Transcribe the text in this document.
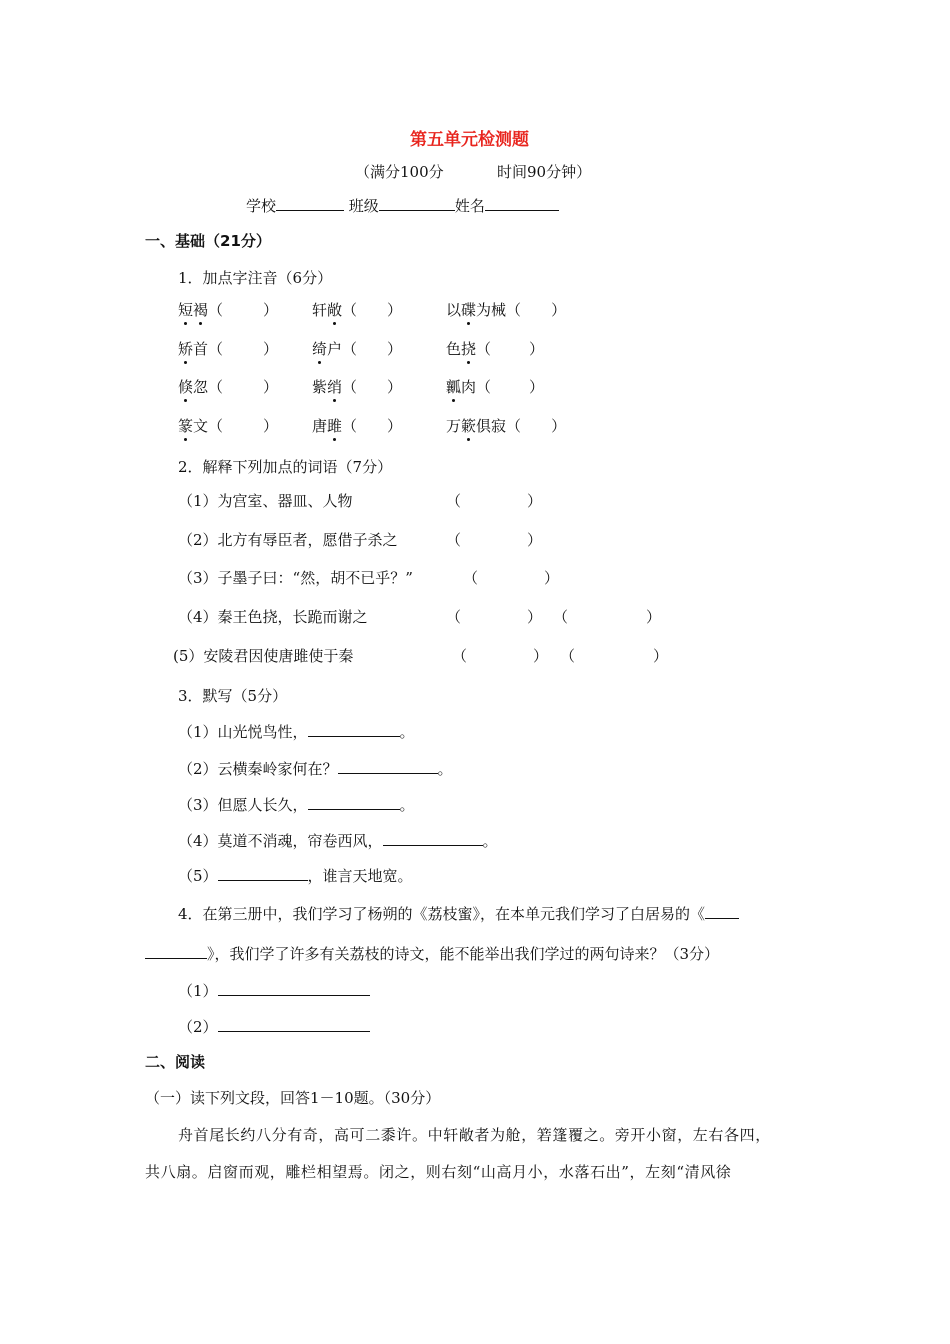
第五单元检测题
（满分100分	时间90分钟）
学校	班级	姓名
一、基础（21分）
1．加点字注音（6分）
短褐（	） 轩敞（ ）	以碟为械（ ）
矫首（	） 绮户（ ）	色挠（	）
倏忽（	） 紫绡（ ）	瓤肉（	）
篆文（	） 唐雎（ ）	万簌俱寂（ ）
2．解释下列加点的词语（7分）
（1）为宫室、器皿、人物	（	）
（2）北方有辱臣者，愿借子杀之	（	）
（3）子墨子曰：“然，胡不已乎？”	（	）
（4）秦王色挠，长跪而谢之	（	） （	）
(5）安陵君因使唐雎使于秦	（	） （	）
3．默写（5分）
（1）山光悦鸟性，	。
（2）云横秦岭家何在？	。
（3）但愿人长久，	。
（4）莫道不消魂，帘卷西风，	。
（5）	，谁言天地宽。
4．在第三册中，我们学习了杨朔的《荔枝蜜》，在本单元我们学习了白居易的《
》，我们学了许多有关荔枝的诗文，能不能举出我们学过的两句诗来？（3分）
（1）
（2）
二、阅读
（一）读下列文段，回答1－10题。（30分）
舟首尾长约八分有奇，高可二黍许。中轩敞者为舱，箬篷覆之。旁开小窗，左右各四，
共八扇。启窗而观，雕栏相望焉。闭之，则右刻“山高月小，水落石出”，左刻“清风徐
